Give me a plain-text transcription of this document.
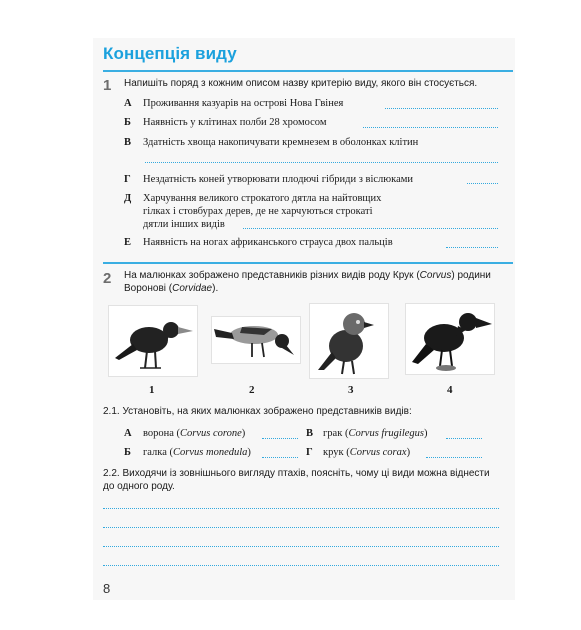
Концепція виду
1 Напишіть поряд з кожним описом назву критерію виду, якого він стосується.
А Проживання казуарів на острові Нова Гвінея
Б Наявність у клітинах полби 28 хромосом
В Здатність хвоща накопичувати кремнезем в оболонках клітин
Г Нездатність коней утворювати плодючі гібриди з віслюками
Д Харчування великого строкатого дятла на найтовщих
гілках і стовбурах дерев, де не харчуються строкаті
дятли інших видів
Е Наявність на ногах африканського страуса двох пальців
2 На малюнках зображено представників різних видів роду Крук (Corvus) родини
Воронові (Corvidae).
1	2	3	4
2.1. Установіть, на яких малюнках зображено представників видів:
А ворона (Corvus corone)	В грак (Corvus frugilegus)
Б галка (Corvus monedula)	Г крук (Corvus corax)
2.2. Виходячи із зовнішнього вигляду птахів, поясніть, чому ці види можна віднести
до одного роду.
8
